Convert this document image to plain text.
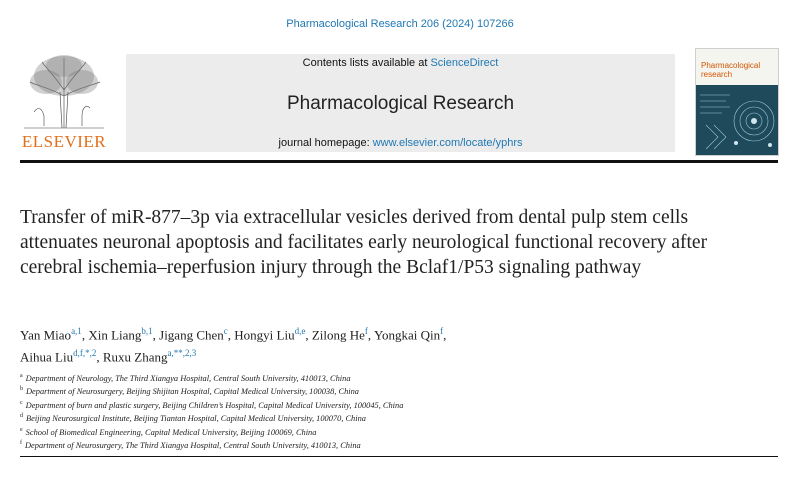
Pharmacological Research 206 (2024) 107266
ELSEVIER
Contents lists available at ScienceDirect
Pharmacological Research
journal homepage: www.elsevier.com/locate/yphrs
Pharmacological
research
Transfer of miR-877–3p via extracellular vesicles derived from dental pulp stem cells attenuates neuronal apoptosis and facilitates early neurological functional recovery after cerebral ischemia–reperfusion injury through the Bclaf1/P53 signaling pathway
Yan Miao$^{a,1}$, Xin Liang$^{b,1}$, Jigang Chen$^c$, Hongyi Liu$^{d,e}$, Zilong He$^f$, Yongkai Qin$^f$,
Aihua Liu$^{d,f,*,2}$, Ruxu Zhang$^{a,**,2,3}$
$^a$ Department of Neurology, The Third Xiangya Hospital, Central South University, 410013, China
$^b$ Department of Neurosurgery, Beijing Shijitan Hospital, Capital Medical University, 100038, China
$^c$ Department of burn and plastic surgery, Beijing Children’s Hospital, Capital Medical University, 100045, China
$^d$ Beijing Neurosurgical Institute, Beijing Tiantan Hospital, Capital Medical University, 100070, China
$^e$ School of Biomedical Engineering, Capital Medical University, Beijing 100069, China
$^f$ Department of Neurosurgery, The Third Xiangya Hospital, Central South University, 410013, China
